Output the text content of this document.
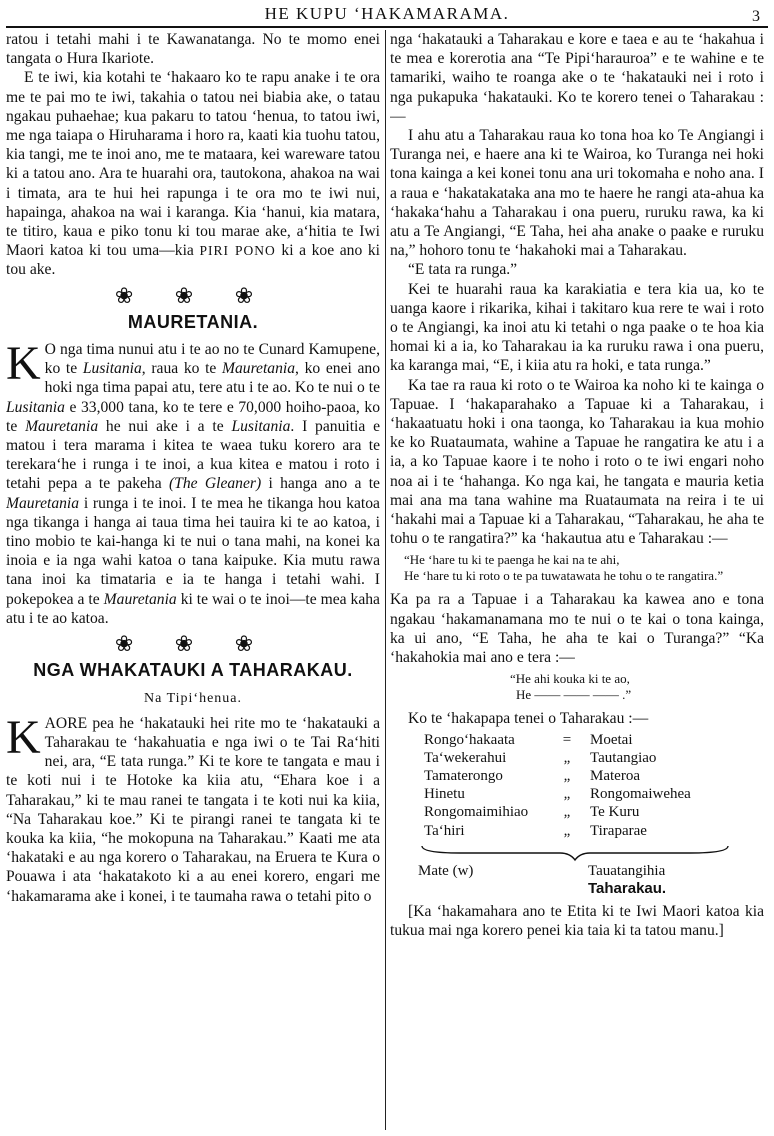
HE KUPU ʻHAKAMARAMA.	3

ratou i tetahi mahi i te Kawanatanga. No te momo enei tangata o Hura Ikariote.

E te iwi, kia kotahi te ʻhakaaro ko te rapu anake i te ora me te pai mo te iwi, takahia o tatou nei biabia ake, o tatau ngakau puhaehae; kua pakaru to tatou ʻhenua, to tatou iwi, me nga taiapa o Hiruharama i horo ra, kaati kia tuohu tatou, kia tangi, me te inoi ano, me te mataara, kei wareware tatou ki a tatou ano. Ara te huarahi ora, tautokona, ahakoa na wai i timata, ara te hui hei rapunga i te ora mo te iwi nui, hapainga, ahakoa na wai i karanga. Kia ʻhanui, kia matara, te titiro, kaua e piko tonu ki tou marae ake, aʻhitia te Iwi Maori katoa ki tou uma—kia PIRI PONO ki a koe ano ki tou ake.

❀ ❀ ❀
MAURETANIA.

K O nga tima nunui atu i te ao no te Cunard Kamupene, ko te Lusitania, raua ko te Mauretania, ko enei ano hoki nga tima papai atu, tere atu i te ao. Ko te nui o te Lusitania e 33,000 tana, ko te tere e 70,000 hoiho-paoa, ko te Mauretania he nui ake i a te Lusitania. I panuitia e matou i tera marama i kitea te waea tuku korero ara te terekaraʻhe i runga i te inoi, a kua kitea e matou i roto i tetahi pepa a te pakeha (The Gleaner) i hanga ano a te Mauretania i runga i te inoi. I te mea he tikanga hou katoa nga tikanga i hanga ai taua tima hei tauira ki te ao katoa, i tino mobio te kai-hanga ki te nui o tana mahi, na konei ka inoia e ia nga wahi katoa o tana kaipuke. Kia mutu rawa tana inoi ka timataria e ia te hanga i tetahi wahi. I pokepokea a te Mauretania ki te wai o te inoi—te mea kaha atu i te ao katoa.

❀ ❀ ❀
NGA WHAKATAUKI A TAHARAKAU.
Na Tipiʻhenua.

KAORE pea he ʻhakatauki hei rite mo te ʻhakatauki a Taharakau te ʻhakahuatia e nga iwi o te Tai Raʻhiti nei, ara, “E tata runga.” Ki te kore te tangata e mau i te koti nui i te Hotoke ka kiia atu, “Ehara koe i a Taharakau,” ki te mau ranei te tangata i te koti nui ka kiia, “Na Taharakau koe.” Ki te pirangi ranei te tangata ki te kouka ka kiia, “he mokopuna na Taharakau.” Kaati me ata ʻhakataki e au nga korero o Taharakau, na Eruera te Kura o Pouawa i ata ʻhakatakoto ki a au enei korero, engari me ʻhakamarama ake i konei, i te taumaha rawa o tetahi pito o

nga ʻhakatauki a Taharakau e kore e taea e au te ʻhakahua i te mea e korerotia ana “Te Pipiʻharauroa” e te wahine e te tamariki, waiho te roanga ake o te ʻhakatauki nei i roto i nga pukapuka ʻhakatauki. Ko te korero tenei o Taharakau :—

I ahu atu a Taharakau raua ko tona hoa ko Te Angiangi i Turanga nei, e haere ana ki te Wairoa, ko Turanga nei hoki tona kainga a kei konei tonu ana uri tokomaha e noho ana. I a raua e ʻhakatakataka ana mo te haere he rangi ata-ahua ka ʻhakakaʻhahu a Taharakau i ona pueru, ruruku rawa, ka ki atu a Te Angiangi, “E Taha, hei aha anake o paake e ruruku na,” hohoro tonu te ʻhakahoki mai a Taharakau.

“E tata ra runga.”

Kei te huarahi raua ka karakiatia e tera kia ua, ko te uanga kaore i rikarika, kihai i takitaro kua rere te wai i roto o te Angiangi, ka inoi atu ki tetahi o nga paake o te hoa kia homai ki a ia, ko Taharakau ia ka ruruku rawa i ona pueru, ka karanga mai, “E, i kiia atu ra hoki, e tata runga.”

Ka tae ra raua ki roto o te Wairoa ka noho ki te kainga o Tapuae. I ʻhakaparahako a Tapuae ki a Taharakau, i ʻhakaatuatu hoki i ona taonga, ko Taharakau ia kua mohio ke ko Ruataumata, wahine a Tapuae he rangatira ke atu i a ia, a ko Tapuae kaore i te noho i roto o te iwi engari noho noa ai i te ʻhahanga. Ko nga kai, he tangata e mauria ketia mai ana ma tana wahine ma Ruataumata na reira i te ui ʻhakahi mai a Tapuae ki a Taharakau, “Taharakau, he aha te tohu o te rangatira?” ka ʻhakautua atu e Taharakau :—

“He ʻhare tu ki te paenga he kai na te ahi,
He ʻhare tu ki roto o te pa tuwatawata he tohu o te rangatira.”

Ka pa ra a Tapuae i a Taharakau ka kawea ano e tona ngakau ʻhakamanamana mo te nui o te kai o tona kainga, ka ui ano, “E Taha, he aha te kai o Turanga?” “Ka ʻhakahokia mai ano e tera :—

“He ahi kouka ki te ao,
He —— —— —— .”

Ko te ʻhakapapa tenei o Taharakau :—

Rongoʻhakaata	=	Moetai
Taʻwekerahui	„	Tautangiao
Tamaterongo	„	Materoa
Hinetu	„	Rongomaiwehea
Rongomaimihiao	„	Te Kuru
Taʻhiri	„	Tiraparae
Mate (w)	Tauatangihia
Taharakau.

[Ka ʻhakamahara ano te Etita ki te Iwi Maori katoa kia tukua mai nga korero penei kia taia ki ta tatou manu.]
